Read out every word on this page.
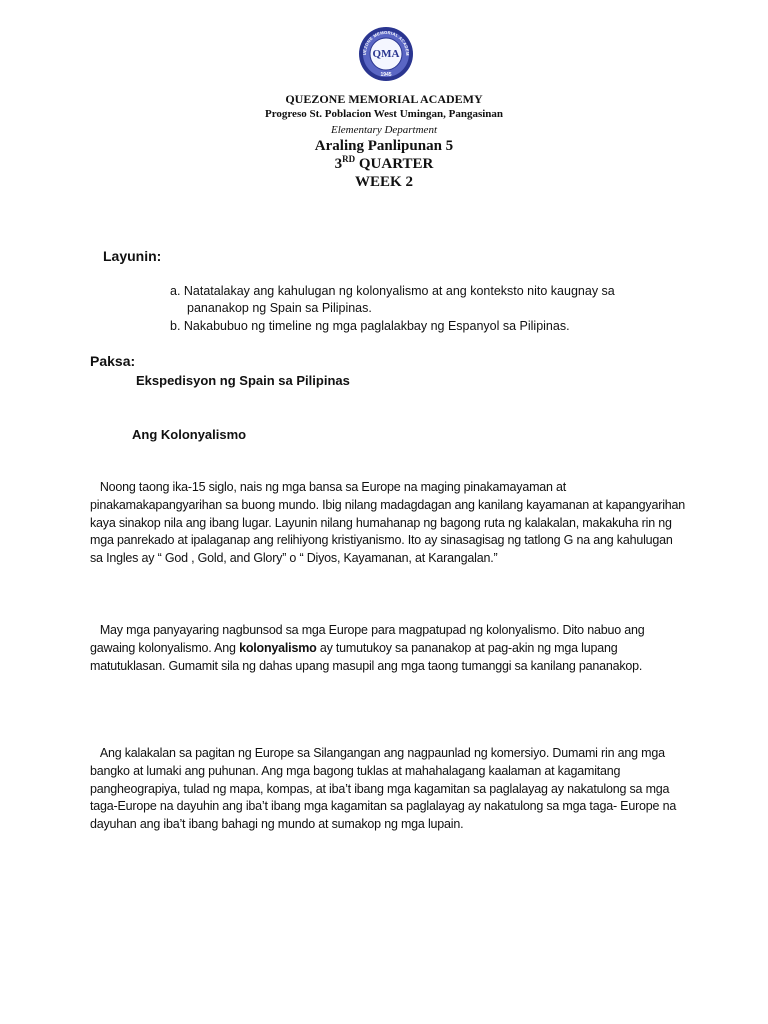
UEZONE MEMORIAL ACADEM
QMA
1945
QUEZONE MEMORIAL ACADEMY
Progreso St. Poblacion West Umingan, Pangasinan
Elementary Department
Araling Panlipunan 5
3RD QUARTER
WEEK 2
Layunin:
a. Natatalakay ang kahulugan ng kolonyalismo at ang konteksto nito kaugnay sa
pananakop ng Spain sa Pilipinas.
b. Nakabubuo ng timeline ng mga paglalakbay ng Espanyol sa Pilipinas.
Paksa:
Ekspedisyon ng Spain sa Pilipinas
Ang Kolonyalismo
Noong taong ika-15 siglo, nais ng mga bansa sa Europe na maging pinakamayaman at pinakamakapangyarihan sa buong mundo. Ibig nilang madagdagan ang kanilang kayamanan at kapangyarihan kaya sinakop nila ang ibang lugar. Layunin nilang humahanap ng bagong ruta ng kalakalan, makakuha rin ng mga panrekado at ipalaganap ang relihiyong kristiyanismo. Ito ay sinasagisag ng tatlong G na ang kahulugan sa Ingles ay “ God , Gold, and Glory” o “ Diyos, Kayamanan, at Karangalan.”
May mga panyayaring nagbunsod sa mga Europe para magpatupad ng kolonyalismo. Dito nabuo ang gawaing kolonyalismo. Ang kolonyalismo ay tumutukoy sa pananakop at pag-akin ng mga lupang matutuklasan. Gumamit sila ng dahas upang masupil ang mga taong tumanggi sa kanilang pananakop.
Ang kalakalan sa pagitan ng Europe sa Silangangan ang nagpaunlad ng komersiyo. Dumami rin ang mga bangko at lumaki ang puhunan. Ang mga bagong tuklas at mahahalagang kaalaman at kagamitang pangheograpiya, tulad ng mapa, kompas, at iba’t ibang mga kagamitan sa paglalayag ay nakatulong sa mga taga-Europe na dayuhin ang iba’t ibang mga kagamitan sa paglalayag ay nakatulong sa mga taga- Europe na dayuhan ang iba’t ibang bahagi ng mundo at sumakop ng mga lupain.
